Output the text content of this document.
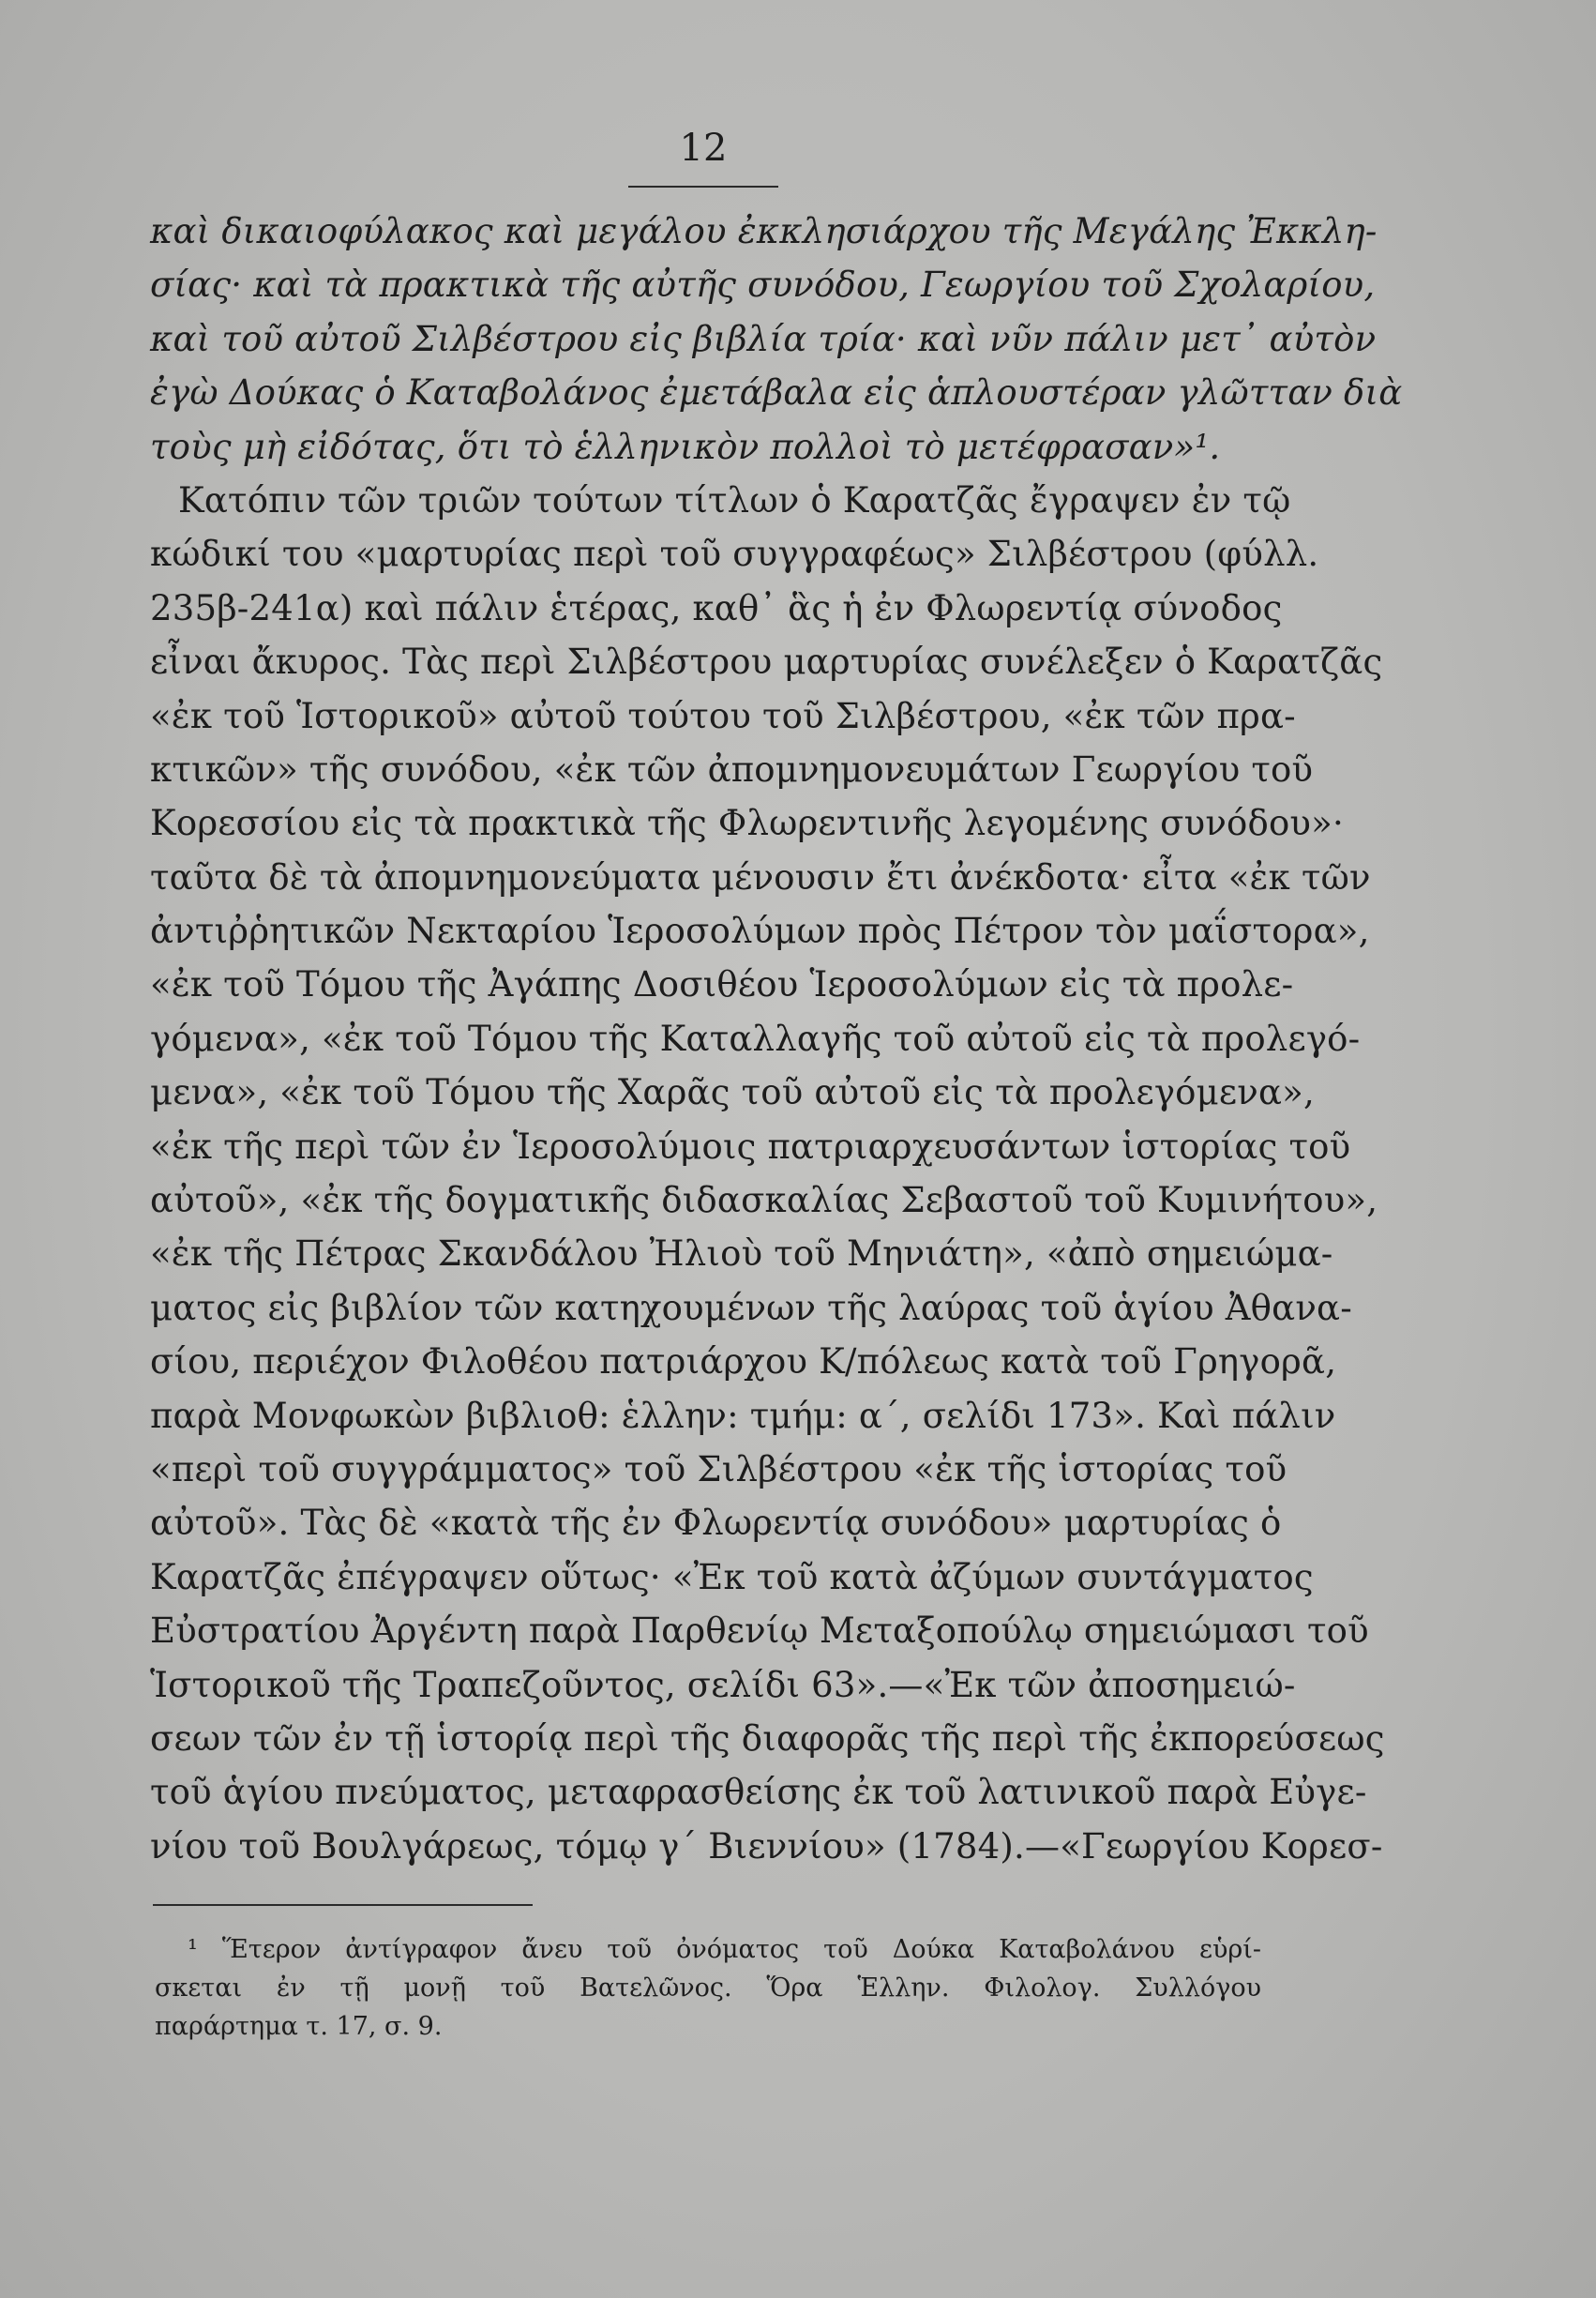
12
καὶ δικαιοφύλακος καὶ μεγάλου ἐκκλησιάρχου τῆς Μεγάλης Ἐκκλη-
σίας· καὶ τὰ πρακτικὰ τῆς αὐτῆς συνόδου, Γεωργίου τοῦ Σχολαρίου,
καὶ τοῦ αὐτοῦ Σιλβέστρου εἰς βιβλία τρία· καὶ νῦν πάλιν μετ᾽ αὐτὸν
ἐγὼ Δούκας ὁ Καταβολάνος ἐμετάβαλα εἰς ἁπλουστέραν γλῶτταν διὰ
τοὺς μὴ εἰδότας, ὅτι τὸ ἑλληνικὸν πολλοὶ τὸ μετέφρασαν»¹.
Κατόπιν τῶν τριῶν τούτων τίτλων ὁ Καρατζᾶς ἔγραψεν ἐν τῷ
κώδικί του «μαρτυρίας περὶ τοῦ συγγραφέως» Σιλβέστρου (φύλλ.
235β-241α) καὶ πάλιν ἑτέρας, καθ᾽ ἃς ἡ ἐν Φλωρεντίᾳ σύνοδος
εἶναι ἄκυρος. Τὰς περὶ Σιλβέστρου μαρτυρίας συνέλεξεν ὁ Καρατζᾶς
«ἐκ τοῦ Ἱστορικοῦ» αὐτοῦ τούτου τοῦ Σιλβέστρου, «ἐκ τῶν πρα-
κτικῶν» τῆς συνόδου, «ἐκ τῶν ἀπομνημονευμάτων Γεωργίου τοῦ
Κορεσσίου εἰς τὰ πρακτικὰ τῆς Φλωρεντινῆς λεγομένης συνόδου»·
ταῦτα δὲ τὰ ἀπομνημονεύματα μένουσιν ἔτι ἀνέκδοτα· εἶτα «ἐκ τῶν
ἀντιῤῥητικῶν Νεκταρίου Ἱεροσολύμων πρὸς Πέτρον τὸν μαΐστορα»,
«ἐκ τοῦ Τόμου τῆς Ἀγάπης Δοσιθέου Ἱεροσολύμων εἰς τὰ προλε-
γόμενα», «ἐκ τοῦ Τόμου τῆς Καταλλαγῆς τοῦ αὐτοῦ εἰς τὰ προλεγό-
μενα», «ἐκ τοῦ Τόμου τῆς Χαρᾶς τοῦ αὐτοῦ εἰς τὰ προλεγόμενα»,
«ἐκ τῆς περὶ τῶν ἐν Ἱεροσολύμοις πατριαρχευσάντων ἱστορίας τοῦ
αὐτοῦ», «ἐκ τῆς δογματικῆς διδασκαλίας Σεβαστοῦ τοῦ Κυμινήτου»,
«ἐκ τῆς Πέτρας Σκανδάλου Ἠλιοὺ τοῦ Μηνιάτη», «ἀπὸ σημειώμα-
ματος εἰς βιβλίον τῶν κατηχουμένων τῆς λαύρας τοῦ ἁγίου Ἀθανα-
σίου, περιέχον Φιλοθέου πατριάρχου Κ/πόλεως κατὰ τοῦ Γρηγορᾶ,
παρὰ Μονφωκὼν βιβλιοθ: ἑλλην: τμήμ: α΄, σελίδι 173». Καὶ πάλιν
«περὶ τοῦ συγγράμματος» τοῦ Σιλβέστρου «ἐκ τῆς ἱστορίας τοῦ
αὐτοῦ». Τὰς δὲ «κατὰ τῆς ἐν Φλωρεντίᾳ συνόδου» μαρτυρίας ὁ
Καρατζᾶς ἐπέγραψεν οὕτως· «Ἐκ τοῦ κατὰ ἀζύμων συντάγματος
Εὐστρατίου Ἀργέντη παρὰ Παρθενίῳ Μεταξοπούλῳ σημειώμασι τοῦ
Ἱστορικοῦ τῆς Τραπεζοῦντος, σελίδι 63».—«Ἐκ τῶν ἀποσημειώ-
σεων τῶν ἐν τῇ ἱστορίᾳ περὶ τῆς διαφορᾶς τῆς περὶ τῆς ἐκπορεύσεως
τοῦ ἁγίου πνεύματος, μεταφρασθείσης ἐκ τοῦ λατινικοῦ παρὰ Εὐγε-
νίου τοῦ Βουλγάρεως, τόμῳ γ΄ Βιεννίου» (1784).—«Γεωργίου Κορεσ-
¹ Ἕτερον ἀντίγραφον ἄνευ τοῦ ὀνόματος τοῦ Δούκα Καταβολάνου εὑρί-
σκεται ἐν τῇ μονῇ τοῦ Βατελῶνος. Ὅρα Ἑλλην. Φιλολογ. Συλλόγου
παράρτημα τ. 17, σ. 9.
